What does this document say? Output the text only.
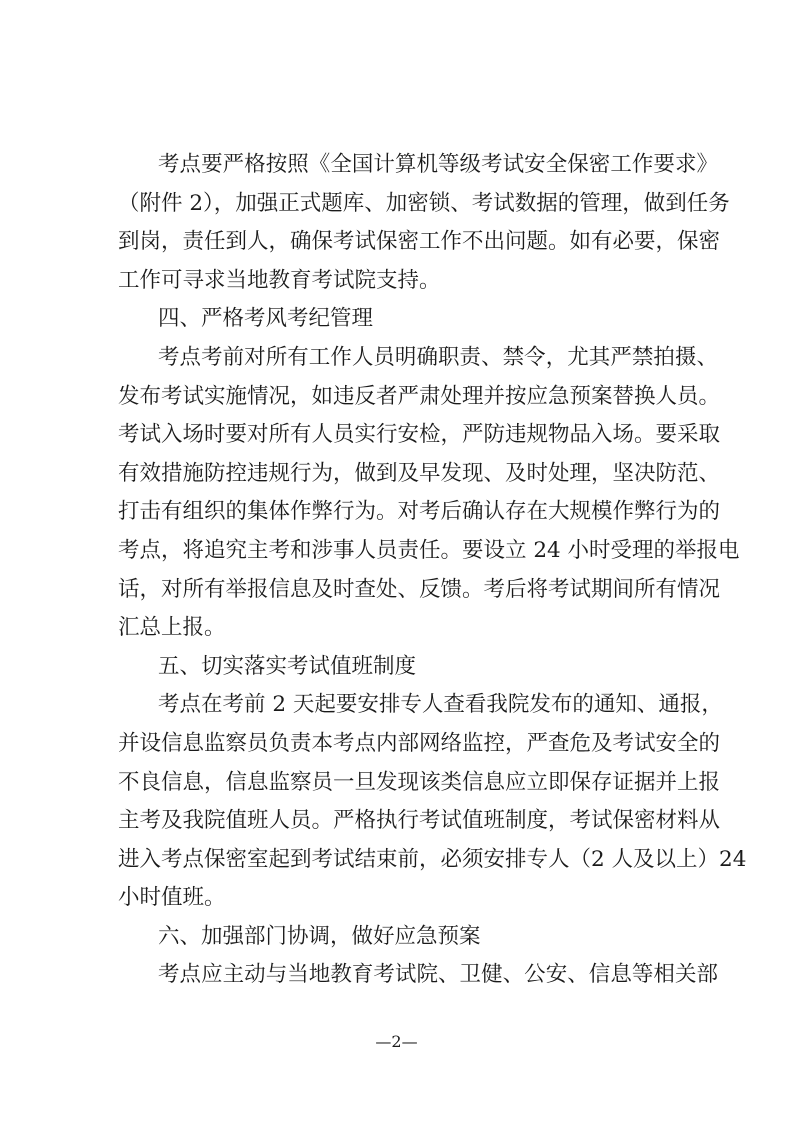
考点要严格按照《全国计算机等级考试安全保密工作要求》
（附件 2），加强正式题库、加密锁、考试数据的管理，做到任务
到岗，责任到人，确保考试保密工作不出问题。如有必要，保密
工作可寻求当地教育考试院支持。
四、严格考风考纪管理
考点考前对所有工作人员明确职责、禁令，尤其严禁拍摄、
发布考试实施情况，如违反者严肃处理并按应急预案替换人员。
考试入场时要对所有人员实行安检，严防违规物品入场。要采取
有效措施防控违规行为，做到及早发现、及时处理，坚决防范、
打击有组织的集体作弊行为。对考后确认存在大规模作弊行为的
考点，将追究主考和涉事人员责任。要设立 24 小时受理的举报电
话，对所有举报信息及时查处、反馈。考后将考试期间所有情况
汇总上报。
五、切实落实考试值班制度
考点在考前 2 天起要安排专人查看我院发布的通知、通报，
并设信息监察员负责本考点内部网络监控，严查危及考试安全的
不良信息，信息监察员一旦发现该类信息应立即保存证据并上报
主考及我院值班人员。严格执行考试值班制度，考试保密材料从
进入考点保密室起到考试结束前，必须安排专人（2 人及以上）24
小时值班。
六、加强部门协调，做好应急预案
考点应主动与当地教育考试院、卫健、公安、信息等相关部
—2—
